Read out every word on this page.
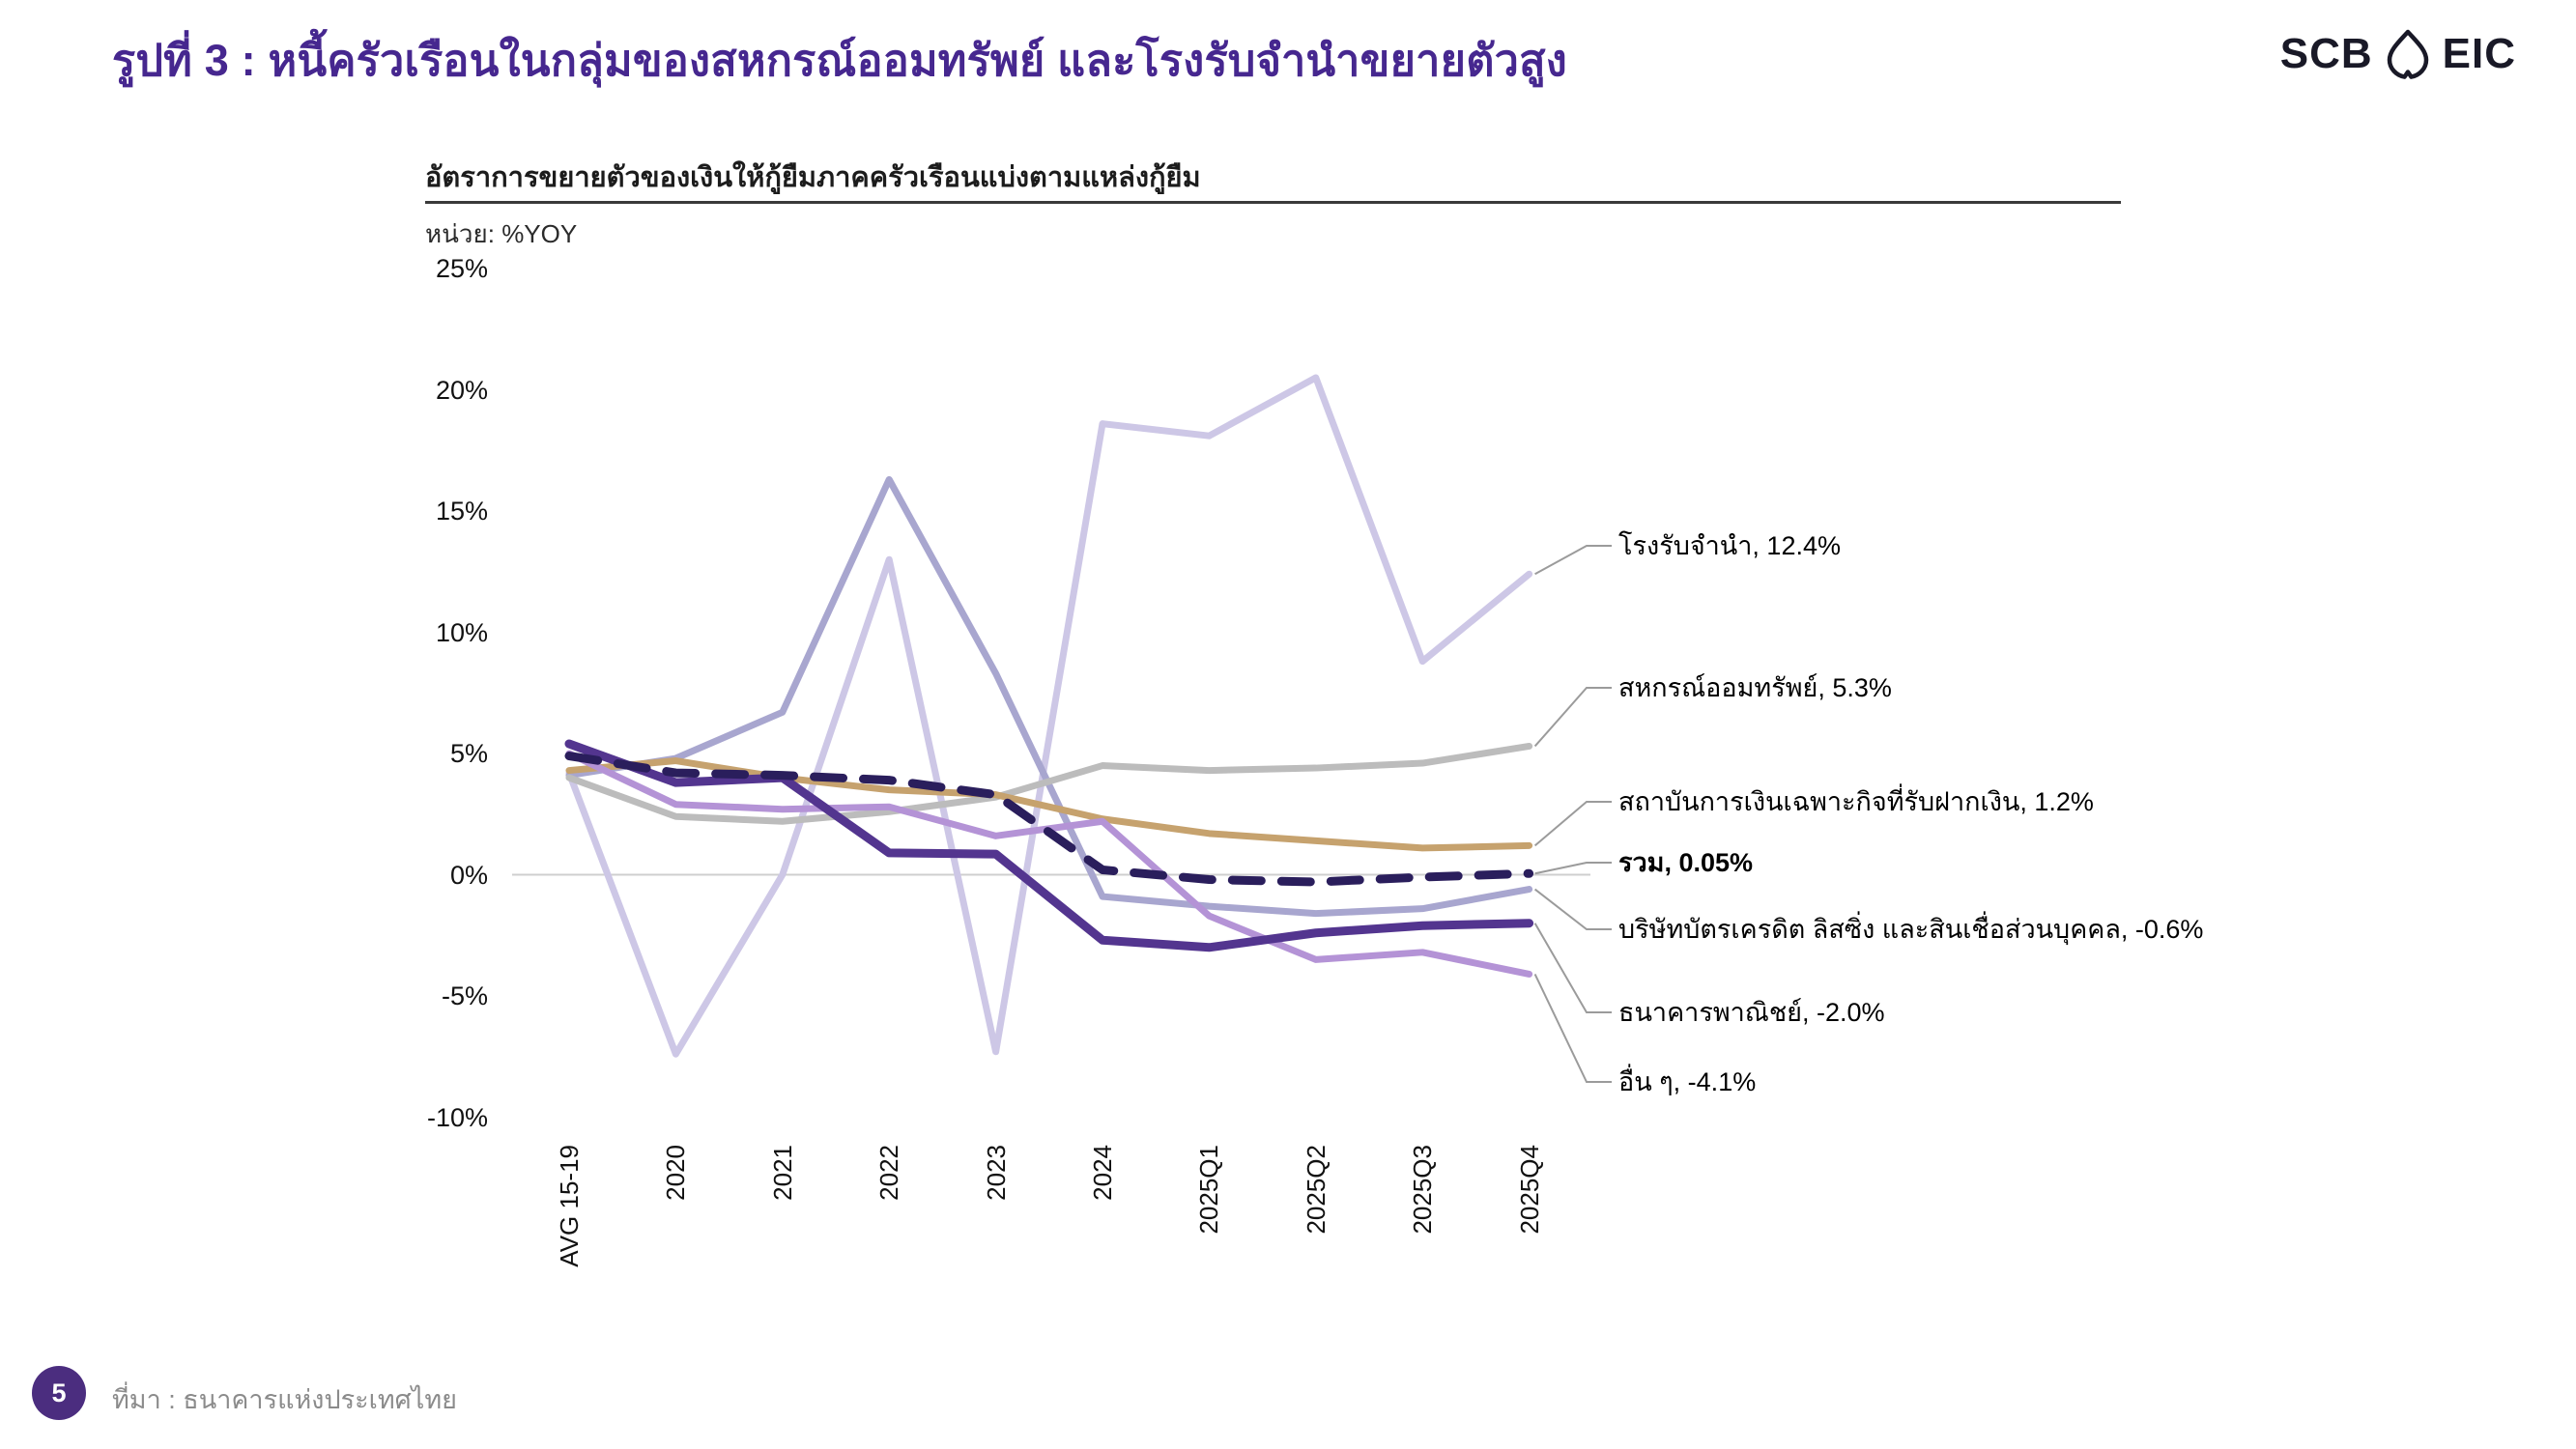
รูปที่ 3 : หนี้ครัวเรือนในกลุ่มของสหกรณ์ออมทรัพย์ และโรงรับจำนำขยายตัวสูง	SCB EIC
อัตราการขยายตัวของเงินให้กู้ยืมภาคครัวเรือนแบ่งตามแหล่งกู้ยืม
หน่วย: %YOY
25%
20%
15%
10%
5%
0%
-5%
-10%
AVG 15-19	2020	2021	2022	2023	2024	2025Q1	2025Q2	2025Q3	2025Q4
โรงรับจำนำ, 12.4%
สหกรณ์ออมทรัพย์, 5.3%
สถาบันการเงินเฉพาะกิจที่รับฝากเงิน, 1.2%
รวม, 0.05%
บริษัทบัตรเครดิต ลิสซิ่ง และสินเชื่อส่วนบุคคล, -0.6%
ธนาคารพาณิชย์, -2.0%
อื่น ๆ, -4.1%
5	ที่มา : ธนาคารแห่งประเทศไทย
